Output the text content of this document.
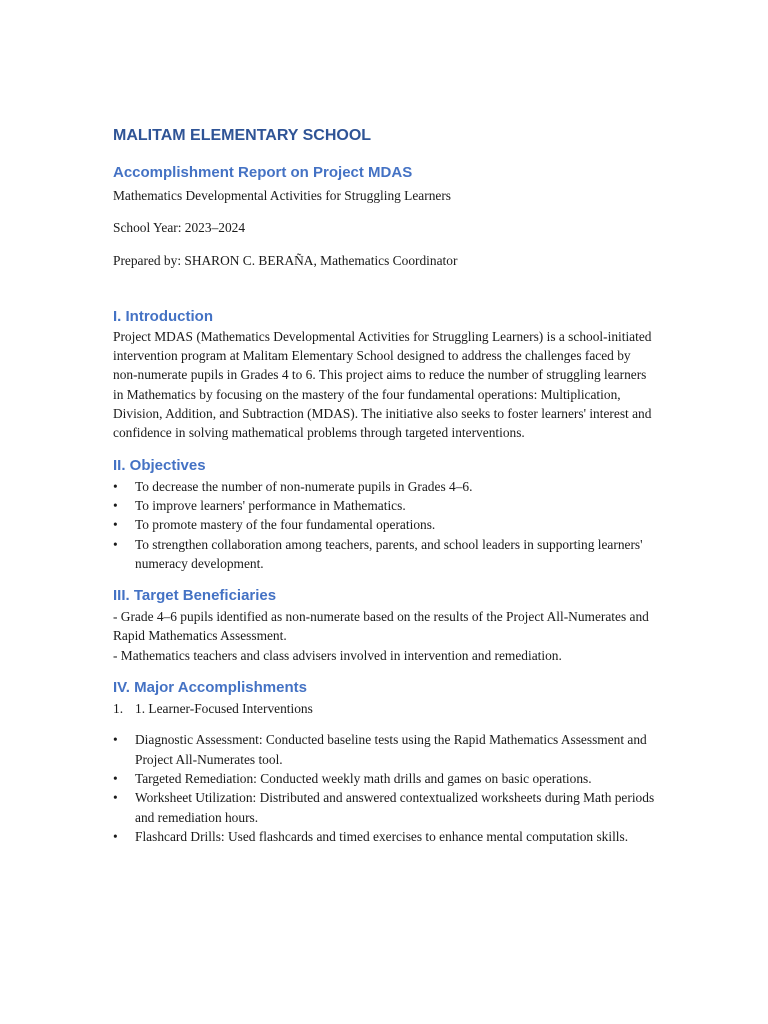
MALITAM ELEMENTARY SCHOOL
Accomplishment Report on Project MDAS

Mathematics Developmental Activities for Struggling Learners

School Year: 2023–2024

Prepared by: SHARON C. BERAÑA, Mathematics Coordinator

I. Introduction

Project MDAS (Mathematics Developmental Activities for Struggling Learners) is a school-initiated intervention program at Malitam Elementary School designed to address the challenges faced by non-numerate pupils in Grades 4 to 6. This project aims to reduce the number of struggling learners in Mathematics by focusing on the mastery of the four fundamental operations: Multiplication, Division, Addition, and Subtraction (MDAS). The initiative also seeks to foster learners' interest and confidence in solving mathematical problems through targeted interventions.

II. Objectives
• To decrease the number of non-numerate pupils in Grades 4–6.
• To improve learners' performance in Mathematics.
• To promote mastery of the four fundamental operations.
• To strengthen collaboration among teachers, parents, and school leaders in supporting learners' numeracy development.
III. Target Beneficiaries

- Grade 4–6 pupils identified as non-numerate based on the results of the Project All-Numerates and Rapid Mathematics Assessment.

- Mathematics teachers and class advisers involved in intervention and remediation.

IV. Major Accomplishments

1. 1. Learner-Focused Interventions

• Diagnostic Assessment: Conducted baseline tests using the Rapid Mathematics Assessment and Project All-Numerates tool.
• Targeted Remediation: Conducted weekly math drills and games on basic operations.
• Worksheet Utilization: Distributed and answered contextualized worksheets during Math periods and remediation hours.
• Flashcard Drills: Used flashcards and timed exercises to enhance mental computation skills.
